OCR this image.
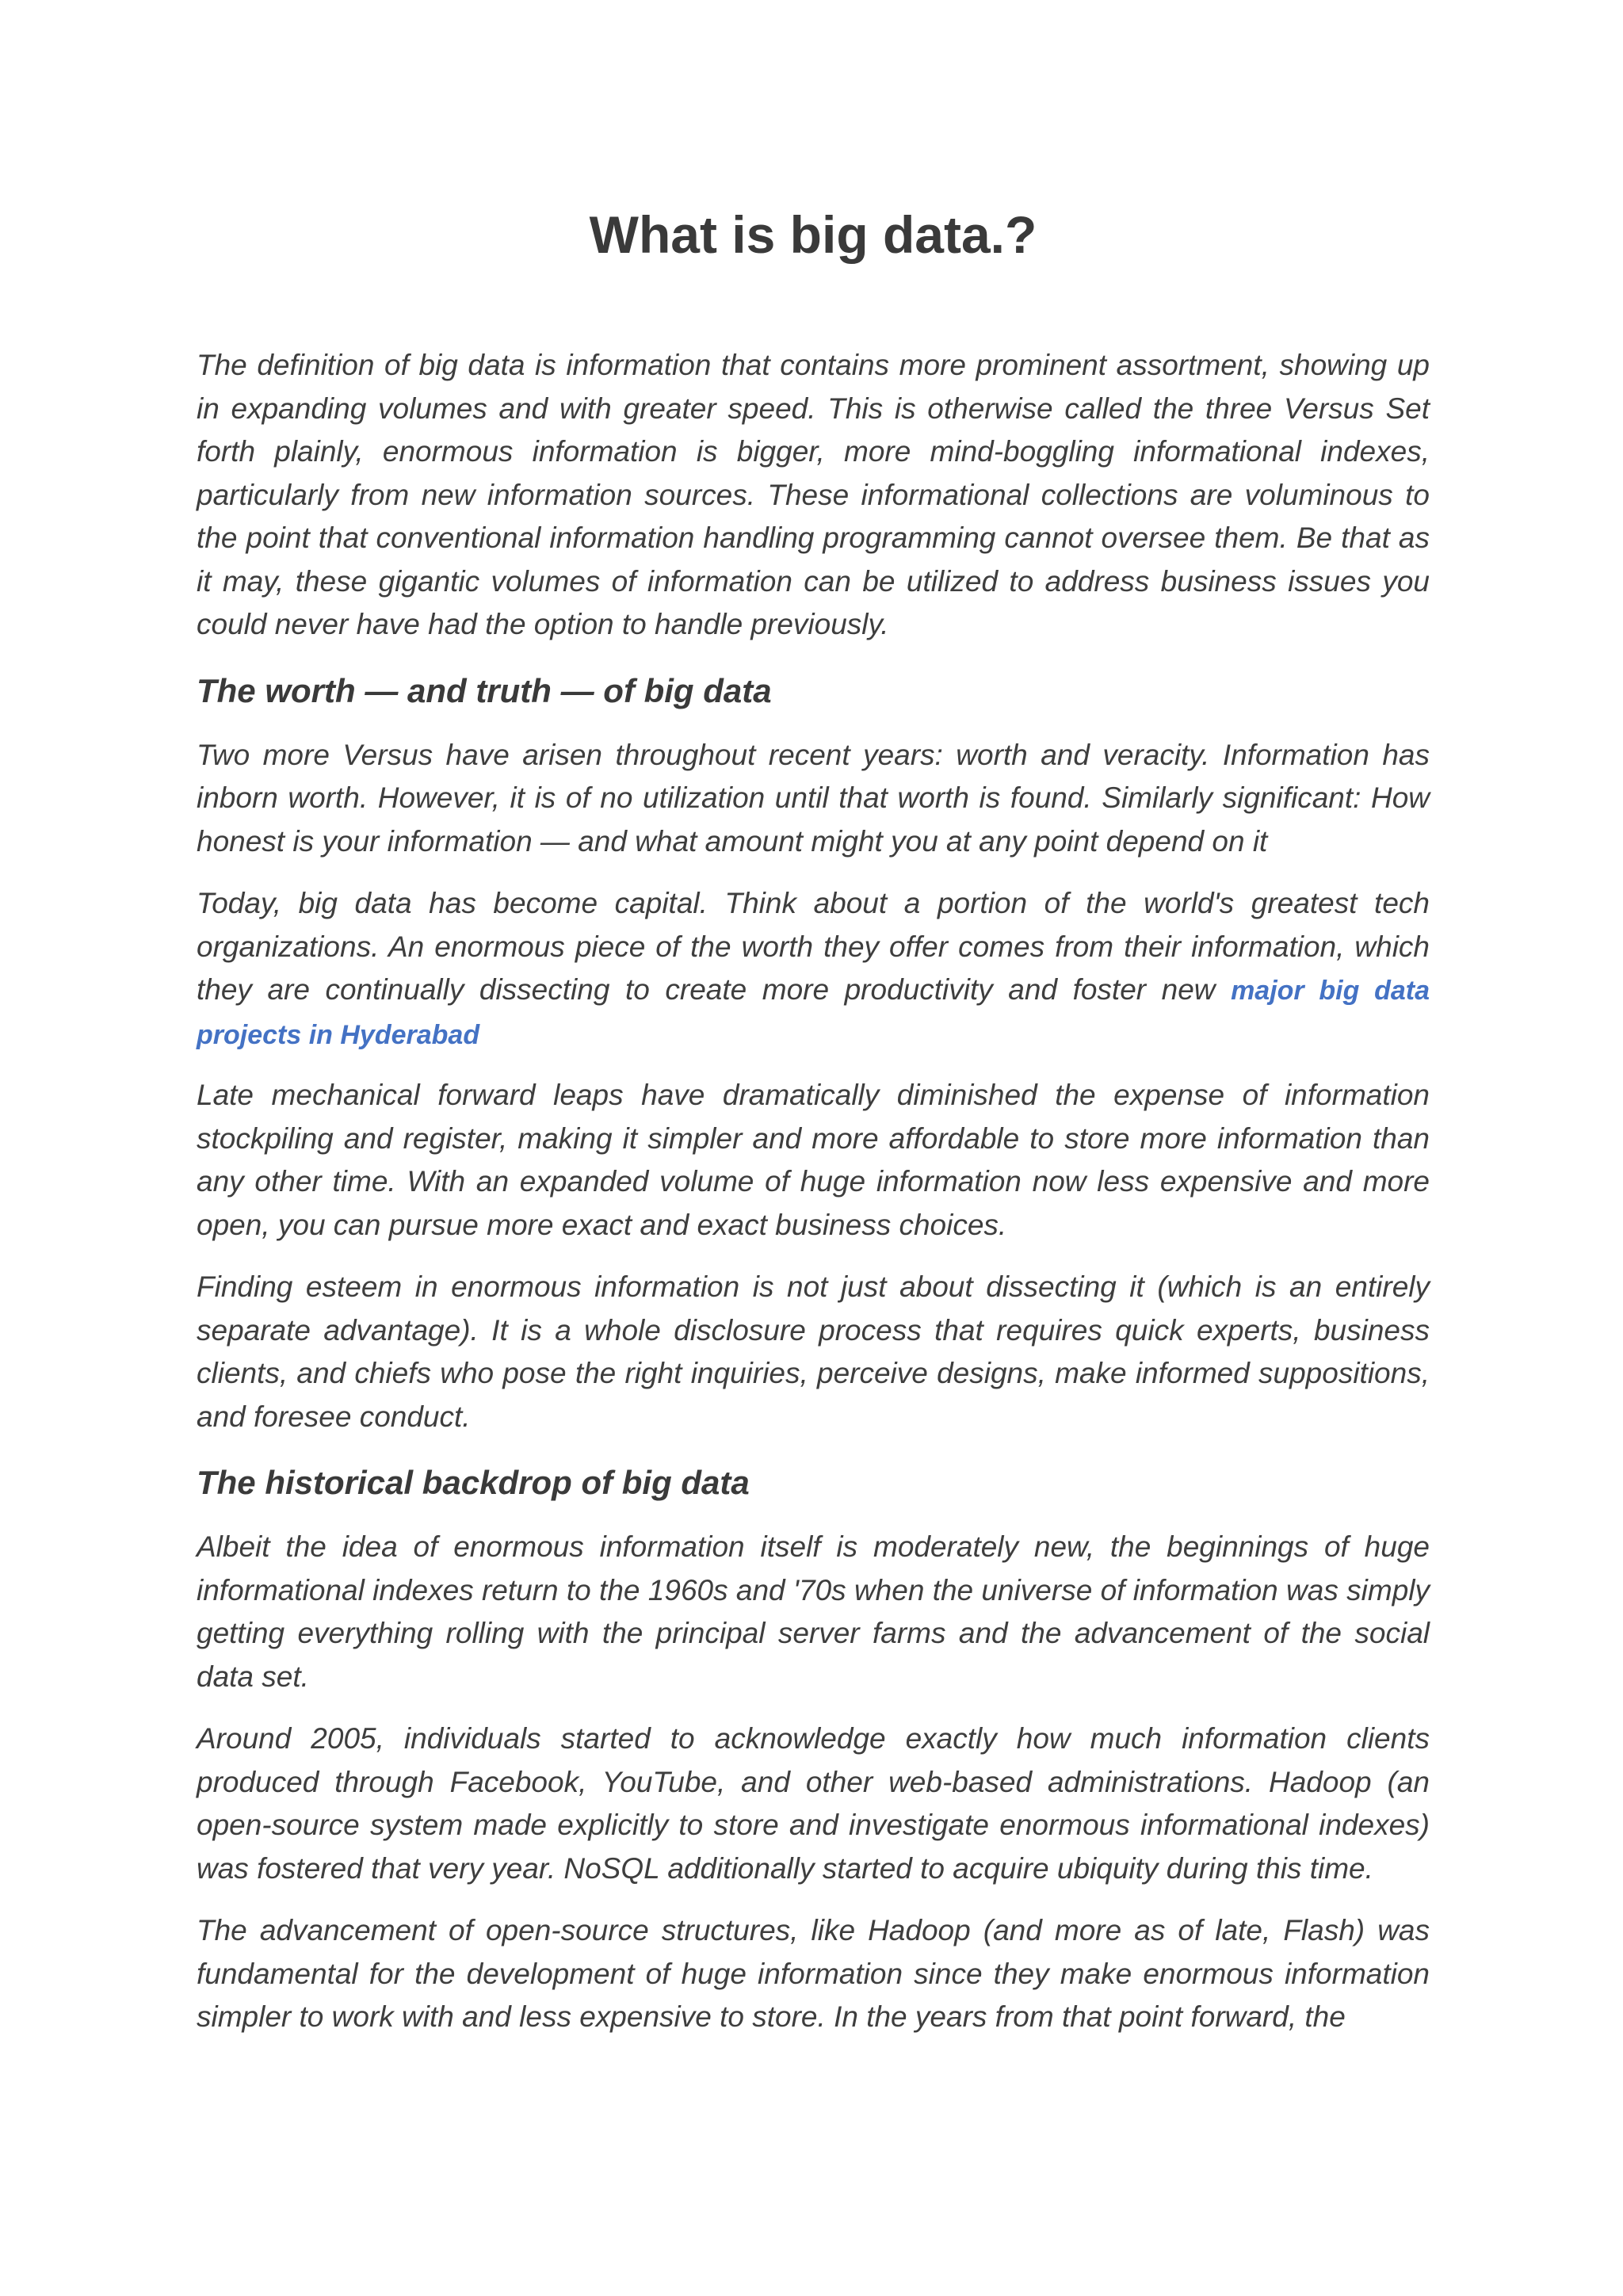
What is big data.?

The definition of big data is information that contains more prominent assortment, showing up in expanding volumes and with greater speed. This is otherwise called the three Versus Set forth plainly, enormous information is bigger, more mind-boggling informational indexes, particularly from new information sources. These informational collections are voluminous to the point that conventional information handling programming cannot oversee them. Be that as it may, these gigantic volumes of information can be utilized to address business issues you could never have had the option to handle previously.

The worth — and truth — of big data

Two more Versus have arisen throughout recent years: worth and veracity. Information has inborn worth. However, it is of no utilization until that worth is found. Similarly significant: How honest is your information — and what amount might you at any point depend on it

Today, big data has become capital. Think about a portion of the world's greatest tech organizations. An enormous piece of the worth they offer comes from their information, which they are continually dissecting to create more productivity and foster new major big data projects in Hyderabad

Late mechanical forward leaps have dramatically diminished the expense of information stockpiling and register, making it simpler and more affordable to store more information than any other time. With an expanded volume of huge information now less expensive and more open, you can pursue more exact and exact business choices.

Finding esteem in enormous information is not just about dissecting it (which is an entirely separate advantage). It is a whole disclosure process that requires quick experts, business clients, and chiefs who pose the right inquiries, perceive designs, make informed suppositions, and foresee conduct.

The historical backdrop of big data

Albeit the idea of enormous information itself is moderately new, the beginnings of huge informational indexes return to the 1960s and '70s when the universe of information was simply getting everything rolling with the principal server farms and the advancement of the social data set.

Around 2005, individuals started to acknowledge exactly how much information clients produced through Facebook, YouTube, and other web-based administrations. Hadoop (an open-source system made explicitly to store and investigate enormous informational indexes) was fostered that very year. NoSQL additionally started to acquire ubiquity during this time.

The advancement of open-source structures, like Hadoop (and more as of late, Flash) was fundamental for the development of huge information since they make enormous information simpler to work with and less expensive to store. In the years from that point forward, the
